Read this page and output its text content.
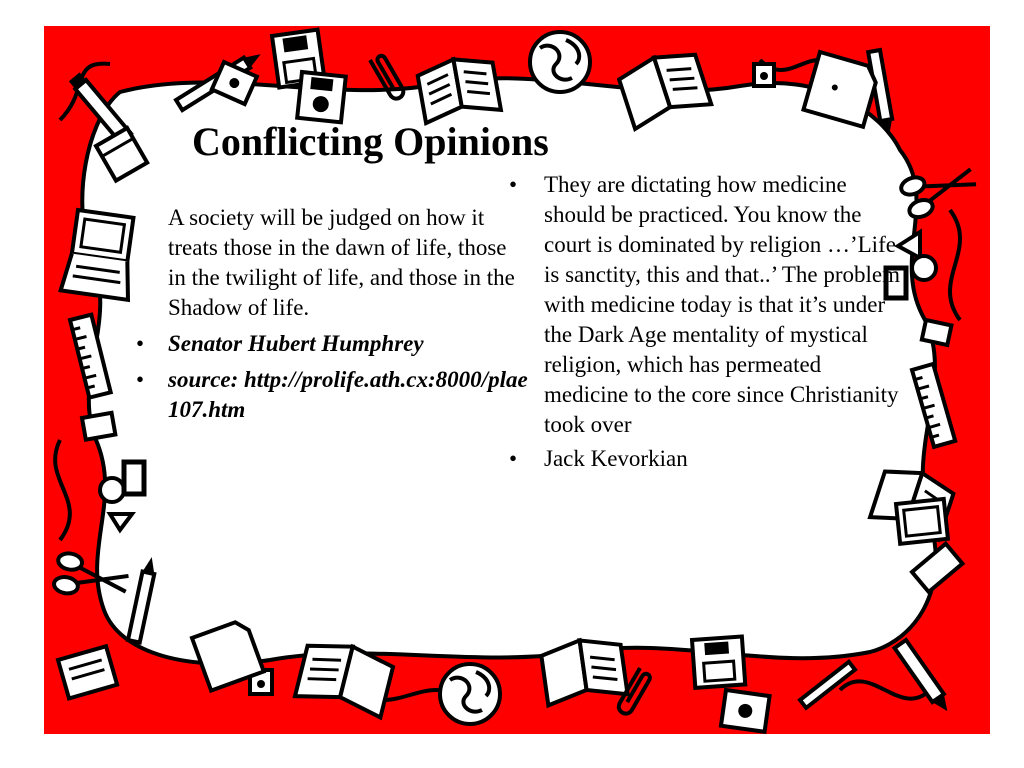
Conflicting Opinions

A society will be judged on how it treats those in the dawn of life, those in the twilight of life, and those in the Shadow of life.

• Senator Hubert Humphrey
• source: http://prolife.ath.cx:8000/plae107.htm
• They are dictating how medicine should be practiced. You know the court is dominated by religion …’Life is sanctity, this and that..’ The problem with medicine today is that it’s under the Dark Age mentality of mystical religion, which has permeated medicine to the core since Christianity took over
• Jack Kevorkian
